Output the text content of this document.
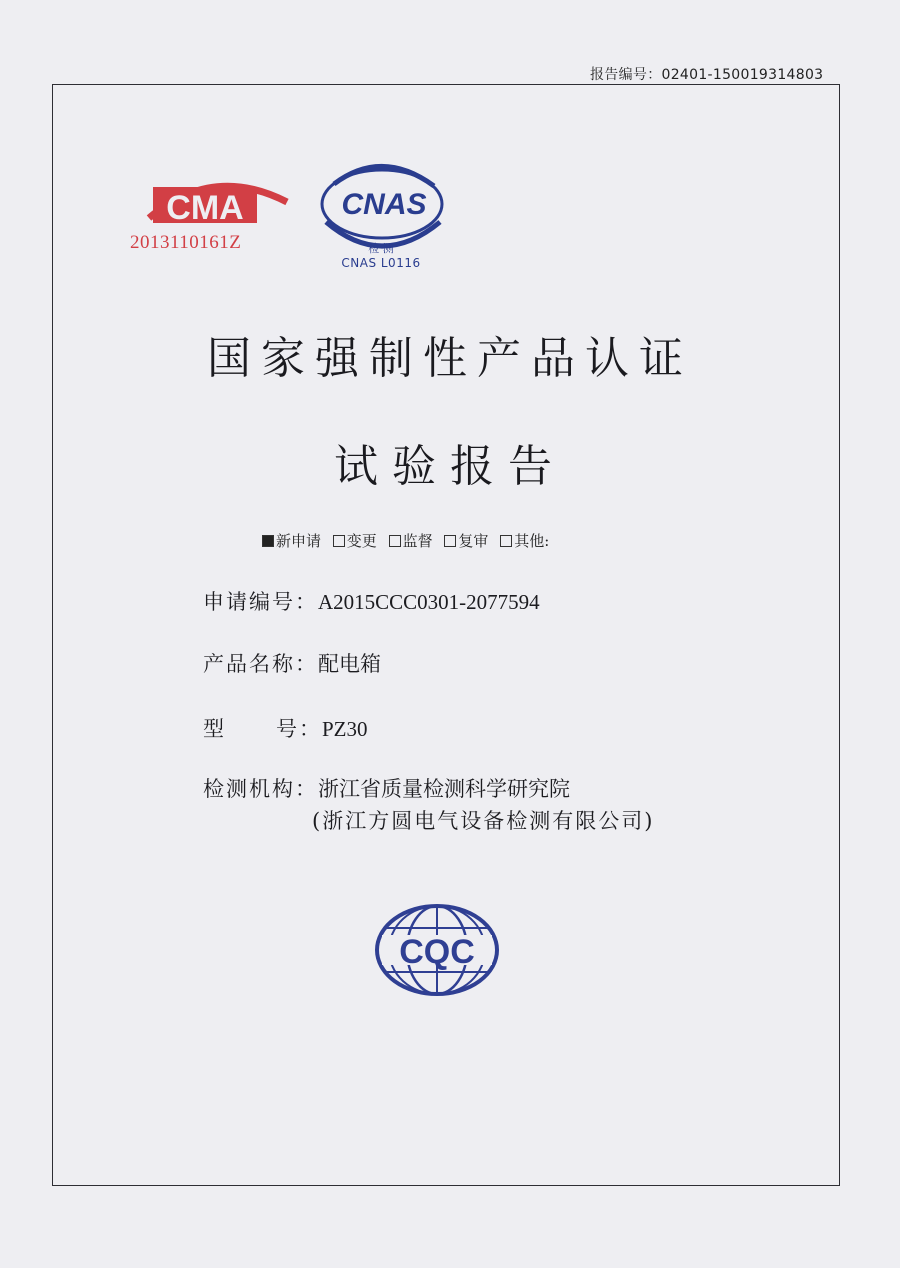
报告编号：02401-150019314803
CMA
2013110161Z
CNAS
检 测
CNAS L0116
国家强制性产品认证
试验报告
新申请 变更 监督 复审 其他:
申请编号：A2015CCC0301-2077594
产品名称：配电箱
型 号：PZ30
检测机构：浙江省质量检测科学研究院
(浙江方圆电气设备检测有限公司)
CQC
